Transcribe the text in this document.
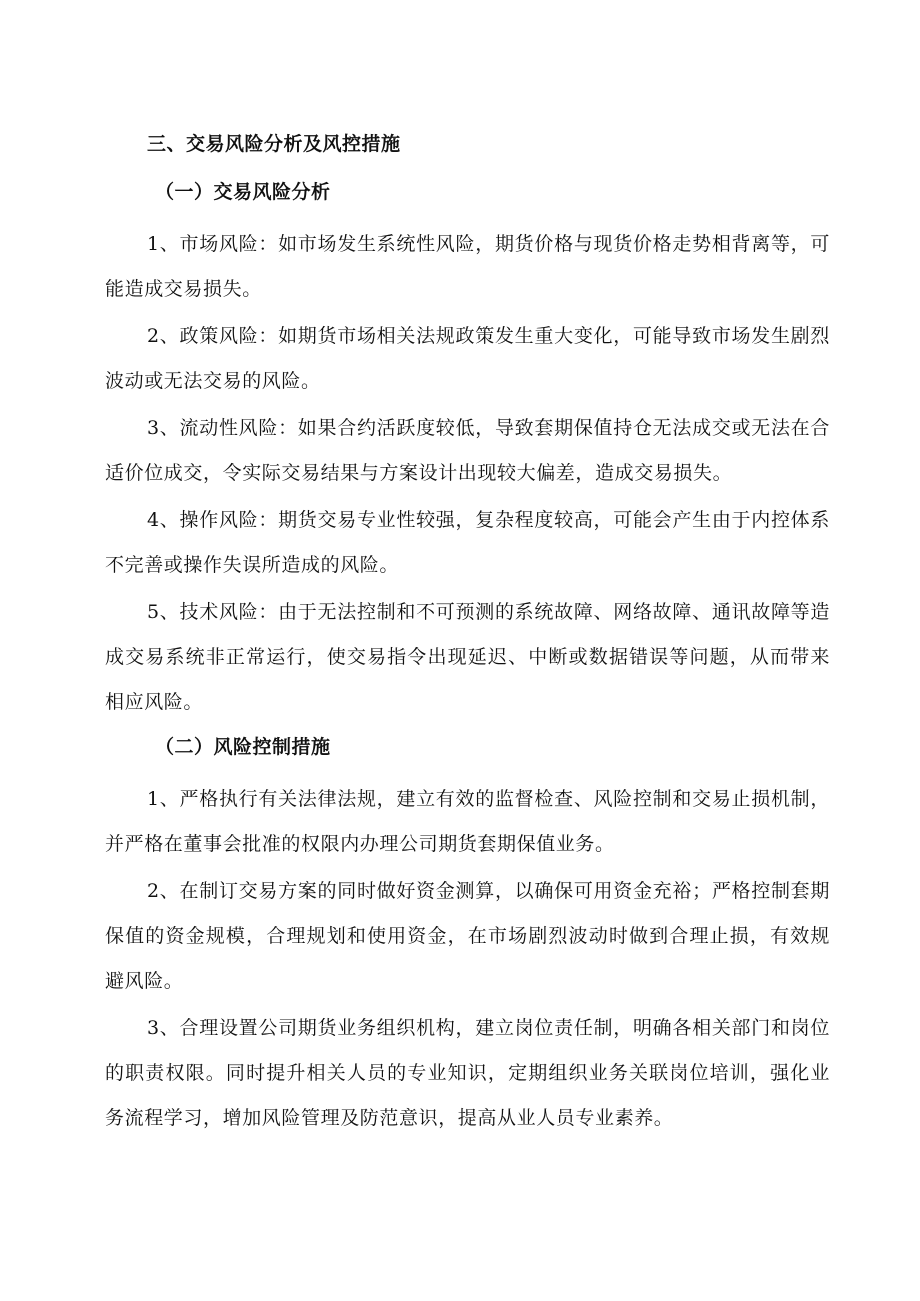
三、交易风险分析及风控措施
（一）交易风险分析

1、市场风险：如市场发生系统性风险，期货价格与现货价格走势相背离等，可能造成交易损失。

2、政策风险：如期货市场相关法规政策发生重大变化，可能导致市场发生剧烈波动或无法交易的风险。

3、流动性风险：如果合约活跃度较低，导致套期保值持仓无法成交或无法在合适价位成交，令实际交易结果与方案设计出现较大偏差，造成交易损失。

4、操作风险：期货交易专业性较强，复杂程度较高，可能会产生由于内控体系不完善或操作失误所造成的风险。

5、技术风险：由于无法控制和不可预测的系统故障、网络故障、通讯故障等造成交易系统非正常运行，使交易指令出现延迟、中断或数据错误等问题，从而带来相应风险。

（二）风险控制措施

1、严格执行有关法律法规，建立有效的监督检查、风险控制和交易止损机制，并严格在董事会批准的权限内办理公司期货套期保值业务。

2、在制订交易方案的同时做好资金测算，以确保可用资金充裕；严格控制套期保值的资金规模，合理规划和使用资金，在市场剧烈波动时做到合理止损，有效规避风险。

3、合理设置公司期货业务组织机构，建立岗位责任制，明确各相关部门和岗位的职责权限。同时提升相关人员的专业知识，定期组织业务关联岗位培训，强化业务流程学习，增加风险管理及防范意识，提高从业人员专业素养。
